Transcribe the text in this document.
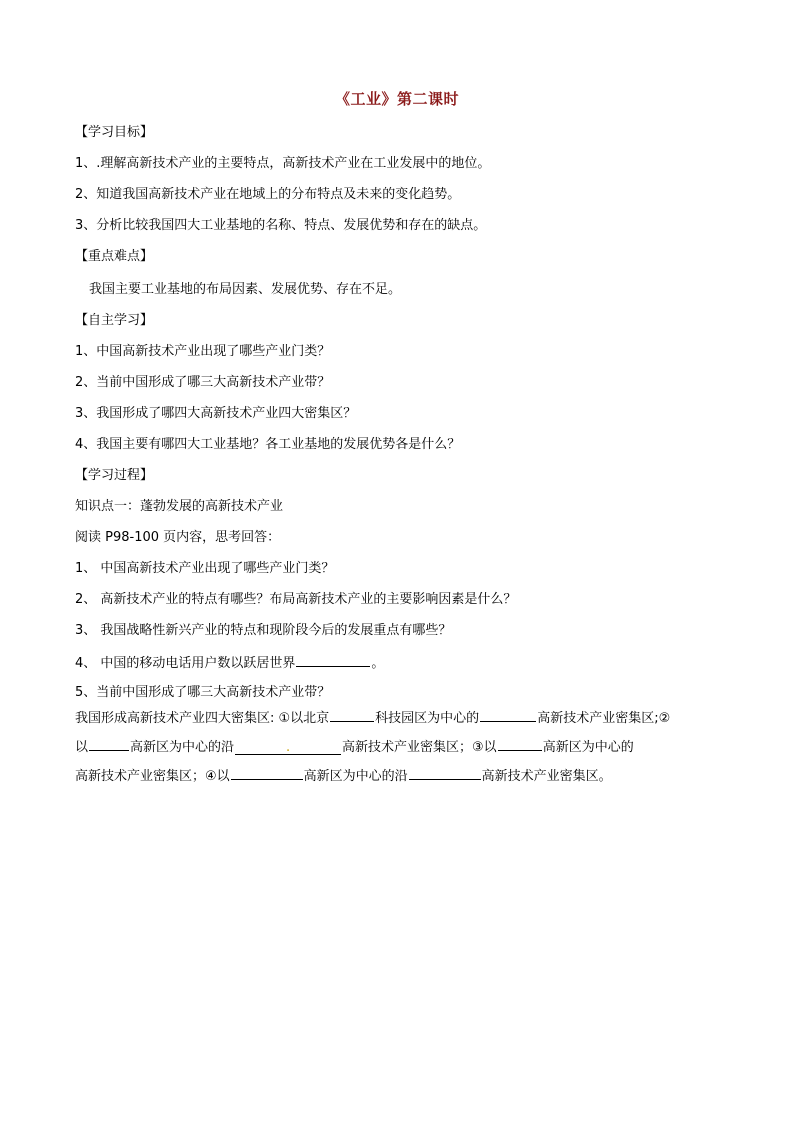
《工业》第二课时
【学习目标】
1、.理解高新技术产业的主要特点，高新技术产业在工业发展中的地位。
2、知道我国高新技术产业在地域上的分布特点及未来的变化趋势。
3、分析比较我国四大工业基地的名称、特点、发展优势和存在的缺点。
【重点难点】
我国主要工业基地的布局因素、发展优势、存在不足。
【自主学习】
1、中国高新技术产业出现了哪些产业门类？
2、当前中国形成了哪三大高新技术产业带？
3、我国形成了哪四大高新技术产业四大密集区？
4、我国主要有哪四大工业基地？各工业基地的发展优势各是什么？
【学习过程】
知识点一：蓬勃发展的高新技术产业
阅读 P98-100 页内容，思考回答：
1、 中国高新技术产业出现了哪些产业门类？
2、 高新技术产业的特点有哪些？布局高新技术产业的主要影响因素是什么？
3、 我国战略性新兴产业的特点和现阶段今后的发展重点有哪些？
4、 中国的移动电话用户数以跃居世界	。
5、当前中国形成了哪三大高新技术产业带？
我国形成高新技术产业四大密集区: ①以北京	科技园区为中心的	高新技术产业密集区;②
以	高新区为中心的沿	.	高新技术产业密集区；③以	高新区为中心的
高新技术产业密集区；④以	高新区为中心的沿	高新技术产业密集区。
